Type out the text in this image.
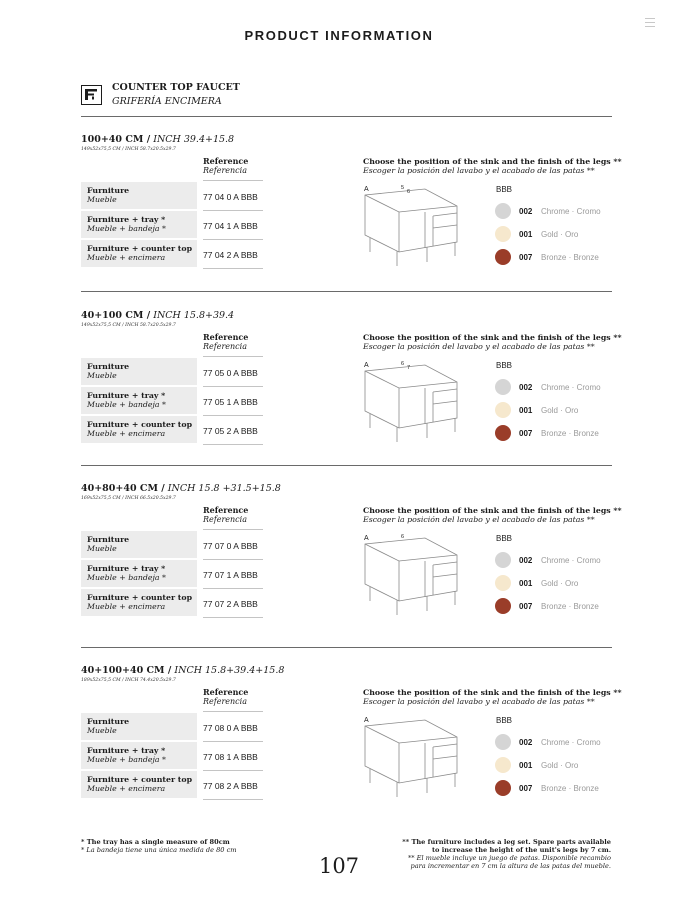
PRODUCT INFORMATION
COUNTER TOP FAUCET
GRIFERÍA ENCIMERA
100+40 CM / INCH 39.4+15.8
149x52x75,5 CM / INCH 58.7x20.5x29.7
Reference
Referencia
Furniture
Mueble	77 04 0 A BBB
Furniture + tray *
Mueble + bandeja *	77 04 1 A BBB
Furniture + counter top
Mueble + encimera	77 04 2 A BBB
Choose the position of the sink and the finish of the legs **
Escoger la posición del lavabo y el acabado de las patas **
A	5
6	BBB
002 Chrome · Cromo
001 Gold · Oro
007 Bronze · Bronze
40+100 CM / INCH 15.8+39.4
149x52x75,5 CM / INCH 58.7x20.5x29.7
Reference
Referencia
Furniture
Mueble	77 05 0 A BBB
Furniture + tray *
Mueble + bandeja *	77 05 1 A BBB
Furniture + counter top
Mueble + encimera	77 05 2 A BBB
Choose the position of the sink and the finish of the legs **
Escoger la posición del lavabo y el acabado de las patas **
A	6
7	BBB
002 Chrome · Cromo
001 Gold · Oro
007 Bronze · Bronze
40+80+40 CM / INCH 15.8 +31.5+15.8
169x52x75,5 CM / INCH 66.5x20.5x29.7
Reference
Referencia
Furniture
Mueble	77 07 0 A BBB
Furniture + tray *
Mueble + bandeja *	77 07 1 A BBB
Furniture + counter top
Mueble + encimera	77 07 2 A BBB
Choose the position of the sink and the finish of the legs **
Escoger la posición del lavabo y el acabado de las patas **
A	6	BBB
002 Chrome · Cromo
001 Gold · Oro
007 Bronze · Bronze
40+100+40 CM / INCH 15.8+39.4+15.8
189x52x75,5 CM / INCH 74.4x20.5x29.7
Reference
Referencia
Furniture
Mueble	77 08 0 A BBB
Furniture + tray *
Mueble + bandeja *	77 08 1 A BBB
Furniture + counter top
Mueble + encimera	77 08 2 A BBB
Choose the position of the sink and the finish of the legs **
Escoger la posición del lavabo y el acabado de las patas **
A	BBB
002 Chrome · Cromo
001 Gold · Oro
007 Bronze · Bronze
* The tray has a single measure of 80cm
* La bandeja tiene una única medida de 80 cm
** The furniture includes a leg set. Spare parts available
to increase the height of the unit's legs by 7 cm.
** El mueble incluye un juego de patas. Disponible recambio
para incrementar en 7 cm la altura de las patas del mueble.
107
